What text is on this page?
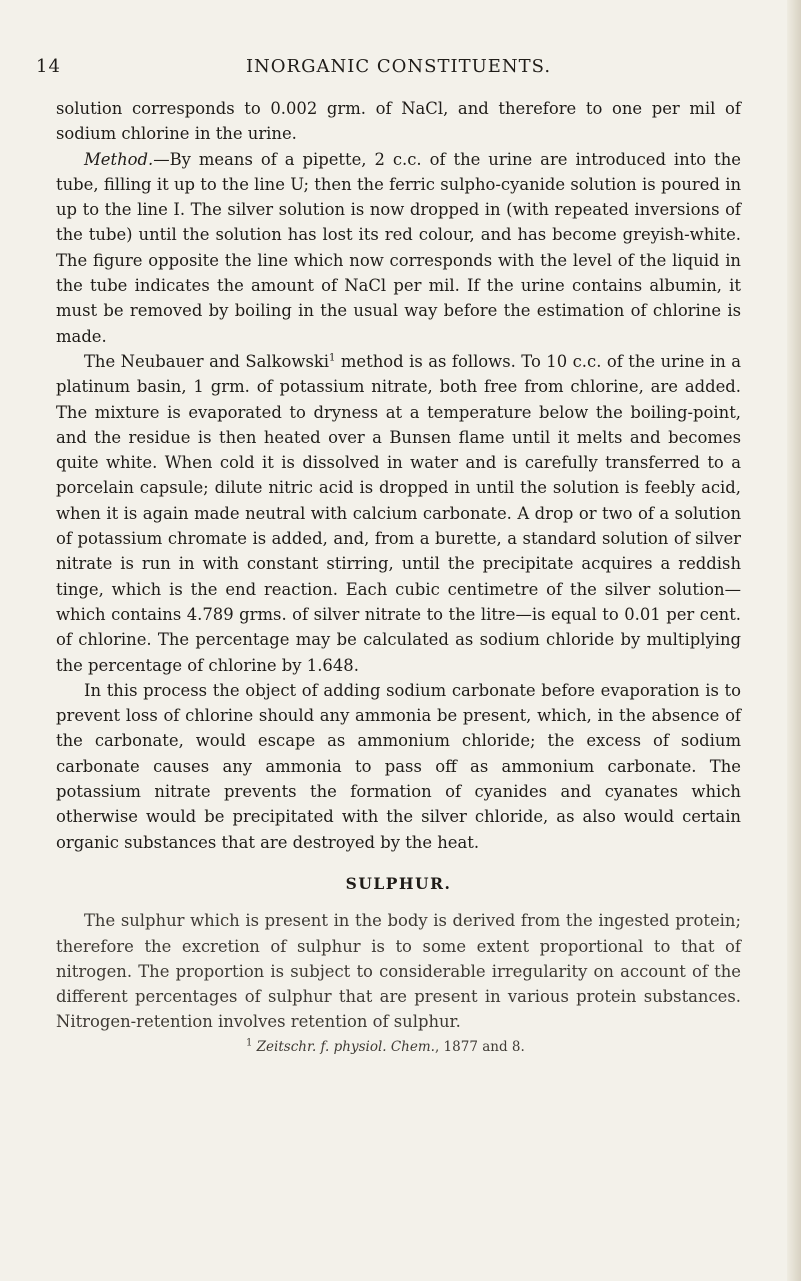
14	INORGANIC CONSTITUENTS.

solution corresponds to 0.002 grm. of NaCl, and therefore to one per mil of sodium chlorine in the urine.

Method.—By means of a pipette, 2 c.c. of the urine are introduced into the tube, filling it up to the line U; then the ferric sulpho-cyanide solution is poured in up to the line I. The silver solution is now dropped in (with repeated inversions of the tube) until the solution has lost its red colour, and has become greyish-white. The figure opposite the line which now corresponds with the level of the liquid in the tube indicates the amount of NaCl per mil. If the urine contains albumin, it must be removed by boiling in the usual way before the estimation of chlorine is made.

The Neubauer and Salkowski$^1$ method is as follows. To 10 c.c. of the urine in a platinum basin, 1 grm. of potassium nitrate, both free from chlorine, are added. The mixture is evaporated to dryness at a temperature below the boiling-point, and the residue is then heated over a Bunsen flame until it melts and becomes quite white. When cold it is dissolved in water and is carefully transferred to a porcelain capsule; dilute nitric acid is dropped in until the solution is feebly acid, when it is again made neutral with calcium carbonate. A drop or two of a solution of potassium chromate is added, and, from a burette, a standard solution of silver nitrate is run in with constant stirring, until the precipitate acquires a reddish tinge, which is the end reaction. Each cubic centimetre of the silver solution— which contains 4.789 grms. of silver nitrate to the litre—is equal to 0.01 per cent. of chlorine. The percentage may be calculated as sodium chloride by multiplying the percentage of chlorine by 1.648.

In this process the object of adding sodium carbonate before evaporation is to prevent loss of chlorine should any ammonia be present, which, in the absence of the carbonate, would escape as ammonium chloride; the excess of sodium carbonate causes any ammonia to pass off as ammonium carbonate. The potassium nitrate prevents the formation of cyanides and cyanates which otherwise would be precipitated with the silver chloride, as also would certain organic substances that are destroyed by the heat.

SULPHUR.

The sulphur which is present in the body is derived from the ingested protein; therefore the excretion of sulphur is to some extent proportional to that of nitrogen. The proportion is subject to considerable irregularity on account of the different percentages of sulphur that are present in various protein substances. Nitrogen-retention involves retention of sulphur.

$^1$ Zeitschr. f. physiol. Chem., 1877 and 8.
